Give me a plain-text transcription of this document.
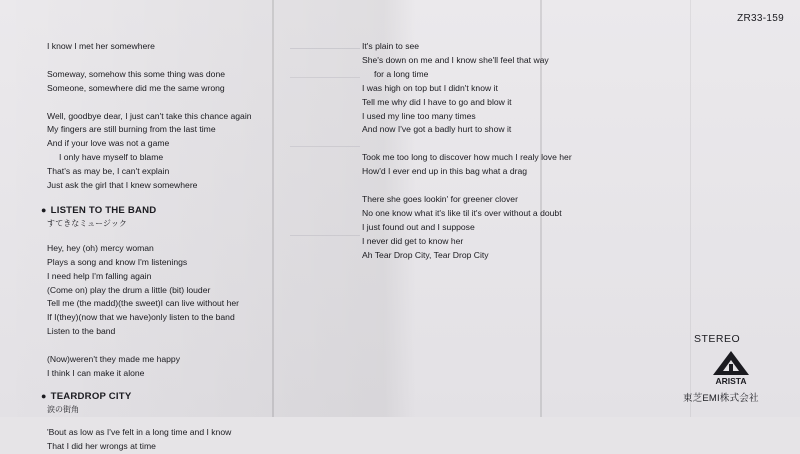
ZR33-159

I know I met her somewhere

Someway, somehow this some thing was done

Someone, somewhere did me the same wrong

Well, goodbye dear, I just can't take this chance again

My fingers are still burning from the last time

And if your love was not a game

I only have myself to blame

That's as may be, I can't explain

Just ask the girl that I knew somewhere

● LISTEN TO THE BAND

すてきなミュージック

Hey, hey (oh) mercy woman

Plays a song and know I'm listenings

I need help I'm falling again

(Come on) play the drum a little (bit) louder

Tell me (the madd)(the sweet)I can live without her

If I(they)(now that we have)only listen to the band

Listen to the band

(Now)weren't they made me happy

I think I can make it alone

● TEARDROP CITY

涙の街角

'Bout as low as I've felt in a long time and I know

That I did her wrongs at time

It's plain to see

She's down on me and I know she'll feel that way

for a long time

I was high on top but I didn't know it

Tell me why did I have to go and blow it

I used my line too many times

And now I've got a badly hurt to show it

Took me too long to discover how much I realy love her

How'd I ever end up in this bag what a drag

There she goes lookin' for greener clover

No one know what it's like til it's over without a doubt

I just found out and I suppose

I never did get to know her

Ah Tear Drop City, Tear Drop City

STEREO
ARISTA
東芝EMI株式会社
